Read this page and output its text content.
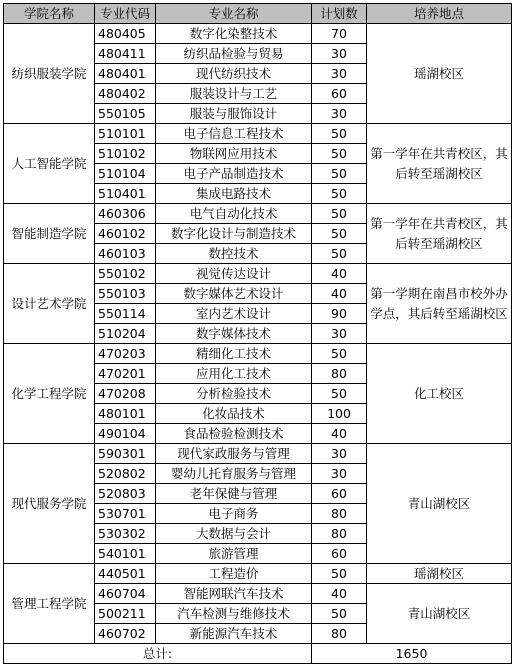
学院名称	专业代码	专业名称	计划数	培养地点
纺织服装学院	480405	数字化染整技术	70	瑶湖校区
	480411	纺织品检验与贸易	30	
	480401	现代纺织技术	30	
	480402	服装设计与工艺	60	
	550105	服装与服饰设计	30	
人工智能学院	510101	电子信息工程技术	50	第一学年在共青校区，其后转至瑶湖校区
	510102	物联网应用技术	50	
	510104	电子产品制造技术	50	
	510401	集成电路技术	50	
智能制造学院	460306	电气自动化技术	50	第一学年在共青校区，其后转至瑶湖校区
	460102	数字化设计与制造技术	50	
	460103	数控技术	50	
设计艺术学院	550102	视觉传达设计	40	第一学期在南昌市校外办学点，其后转至瑶湖校区
	550103	数字媒体艺术设计	40	
	550114	室内艺术设计	90	
	510204	数字媒体技术	30	
化学工程学院	470203	精细化工技术	50	化工校区
	470201	应用化工技术	80	
	470208	分析检验技术	50	
	480101	化妆品技术	100	
	490104	食品检验检测技术	40	
现代服务学院	590301	现代家政服务与管理	30	青山湖校区
	520802	婴幼儿托育服务与管理	30	
	520803	老年保健与管理	60	
	530701	电子商务	80	
	530302	大数据与会计	80	
	540101	旅游管理	60	
管理工程学院	440501	工程造价	50	瑶湖校区
	460704	智能网联汽车技术	40	青山湖校区
	500211	汽车检测与维修技术	50	
	460702	新能源汽车技术	80	
总计:			1650	
